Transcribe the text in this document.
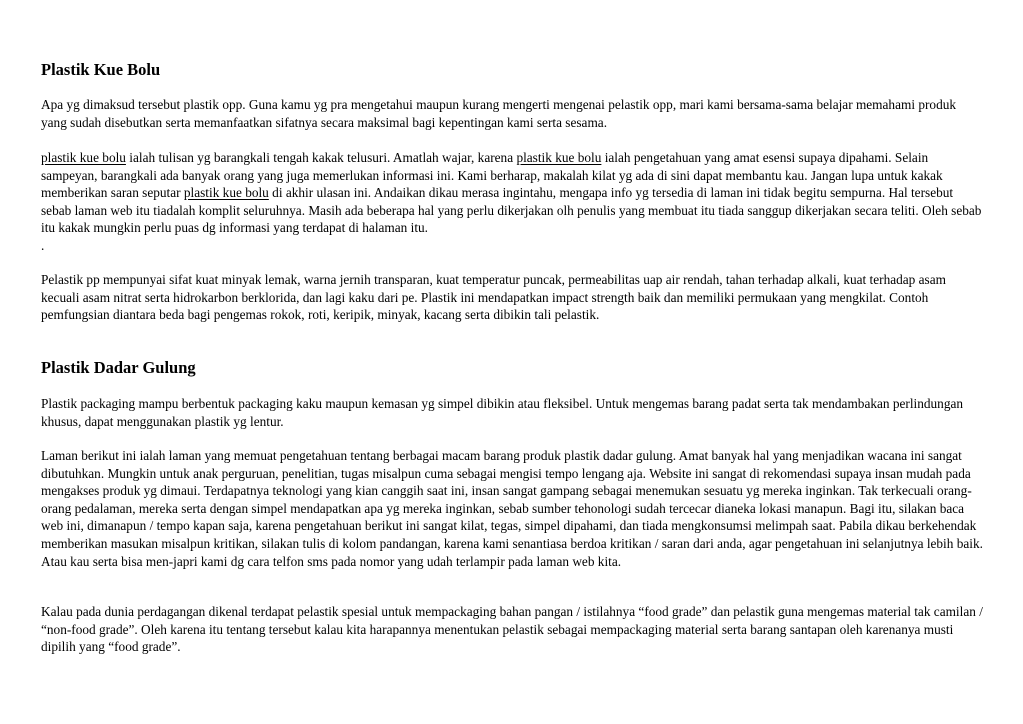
Plastik Kue Bolu

Apa yg dimaksud tersebut plastik opp. Guna kamu yg pra mengetahui maupun kurang mengerti mengenai pelastik opp, mari kami bersama-sama belajar memahami produk yang sudah disebutkan serta memanfaatkan sifatnya secara maksimal bagi kepentingan kami serta sesama.

plastik kue bolu ialah tulisan yg barangkali tengah kakak telusuri. Amatlah wajar, karena plastik kue bolu ialah pengetahuan yang amat esensi supaya dipahami. Selain sampeyan, barangkali ada banyak orang yang juga memerlukan informasi ini. Kami berharap, makalah kilat yg ada di sini dapat membantu kau. Jangan lupa untuk kakak memberikan saran seputar plastik kue bolu di akhir ulasan ini. Andaikan dikau merasa ingintahu, mengapa info yg tersedia di laman ini tidak begitu sempurna. Hal tersebut sebab laman web itu tiadalah komplit seluruhnya. Masih ada beberapa hal yang perlu dikerjakan olh penulis yang membuat itu tiada sanggup dikerjakan secara teliti. Oleh sebab itu kakak mungkin perlu puas dg informasi yang terdapat di halaman itu.
.

Pelastik pp mempunyai sifat kuat minyak lemak, warna jernih transparan, kuat temperatur puncak, permeabilitas uap air rendah, tahan terhadap alkali, kuat terhadap asam kecuali asam nitrat serta hidrokarbon berklorida, dan lagi kaku dari pe. Plastik ini mendapatkan impact strength baik dan memiliki permukaan yang mengkilat. Contoh pemfungsian diantara beda bagi pengemas rokok, roti, keripik, minyak, kacang serta dibikin tali pelastik.

Plastik Dadar Gulung

Plastik packaging mampu berbentuk packaging kaku maupun kemasan yg simpel dibikin atau fleksibel. Untuk mengemas barang padat serta tak mendambakan perlindungan khusus, dapat menggunakan plastik yg lentur.

Laman berikut ini ialah laman yang memuat pengetahuan tentang berbagai macam barang produk plastik dadar gulung. Amat banyak hal yang menjadikan wacana ini sangat dibutuhkan. Mungkin untuk anak perguruan, penelitian, tugas misalpun cuma sebagai mengisi tempo lengang aja. Website ini sangat di rekomendasi supaya insan mudah pada mengakses produk yg dimaui. Terdapatnya teknologi yang kian canggih saat ini, insan sangat gampang sebagai menemukan sesuatu yg mereka inginkan. Tak terkecuali orang-orang pedalaman, mereka serta dengan simpel mendapatkan apa yg mereka inginkan, sebab sumber tehonologi sudah tercecar dianeka lokasi manapun. Bagi itu, silakan baca web ini, dimanapun / tempo kapan saja, karena pengetahuan berikut ini sangat kilat, tegas, simpel dipahami, dan tiada mengkonsumsi melimpah saat. Pabila dikau berkehendak memberikan masukan misalpun kritikan, silakan tulis di kolom pandangan, karena kami senantiasa berdoa kritikan / saran dari anda, agar pengetahuan ini selanjutnya lebih baik. Atau kau serta bisa men-japri kami dg cara telfon sms pada nomor yang udah terlampir pada laman web kita.

Kalau pada dunia perdagangan dikenal terdapat pelastik spesial untuk mempackaging bahan pangan / istilahnya “food grade” dan pelastik guna mengemas material tak camilan / “non-food grade”. Oleh karena itu tentang tersebut kalau kita harapannya menentukan pelastik sebagai mempackaging material serta barang santapan oleh karenanya musti dipilih yang “food grade”.
